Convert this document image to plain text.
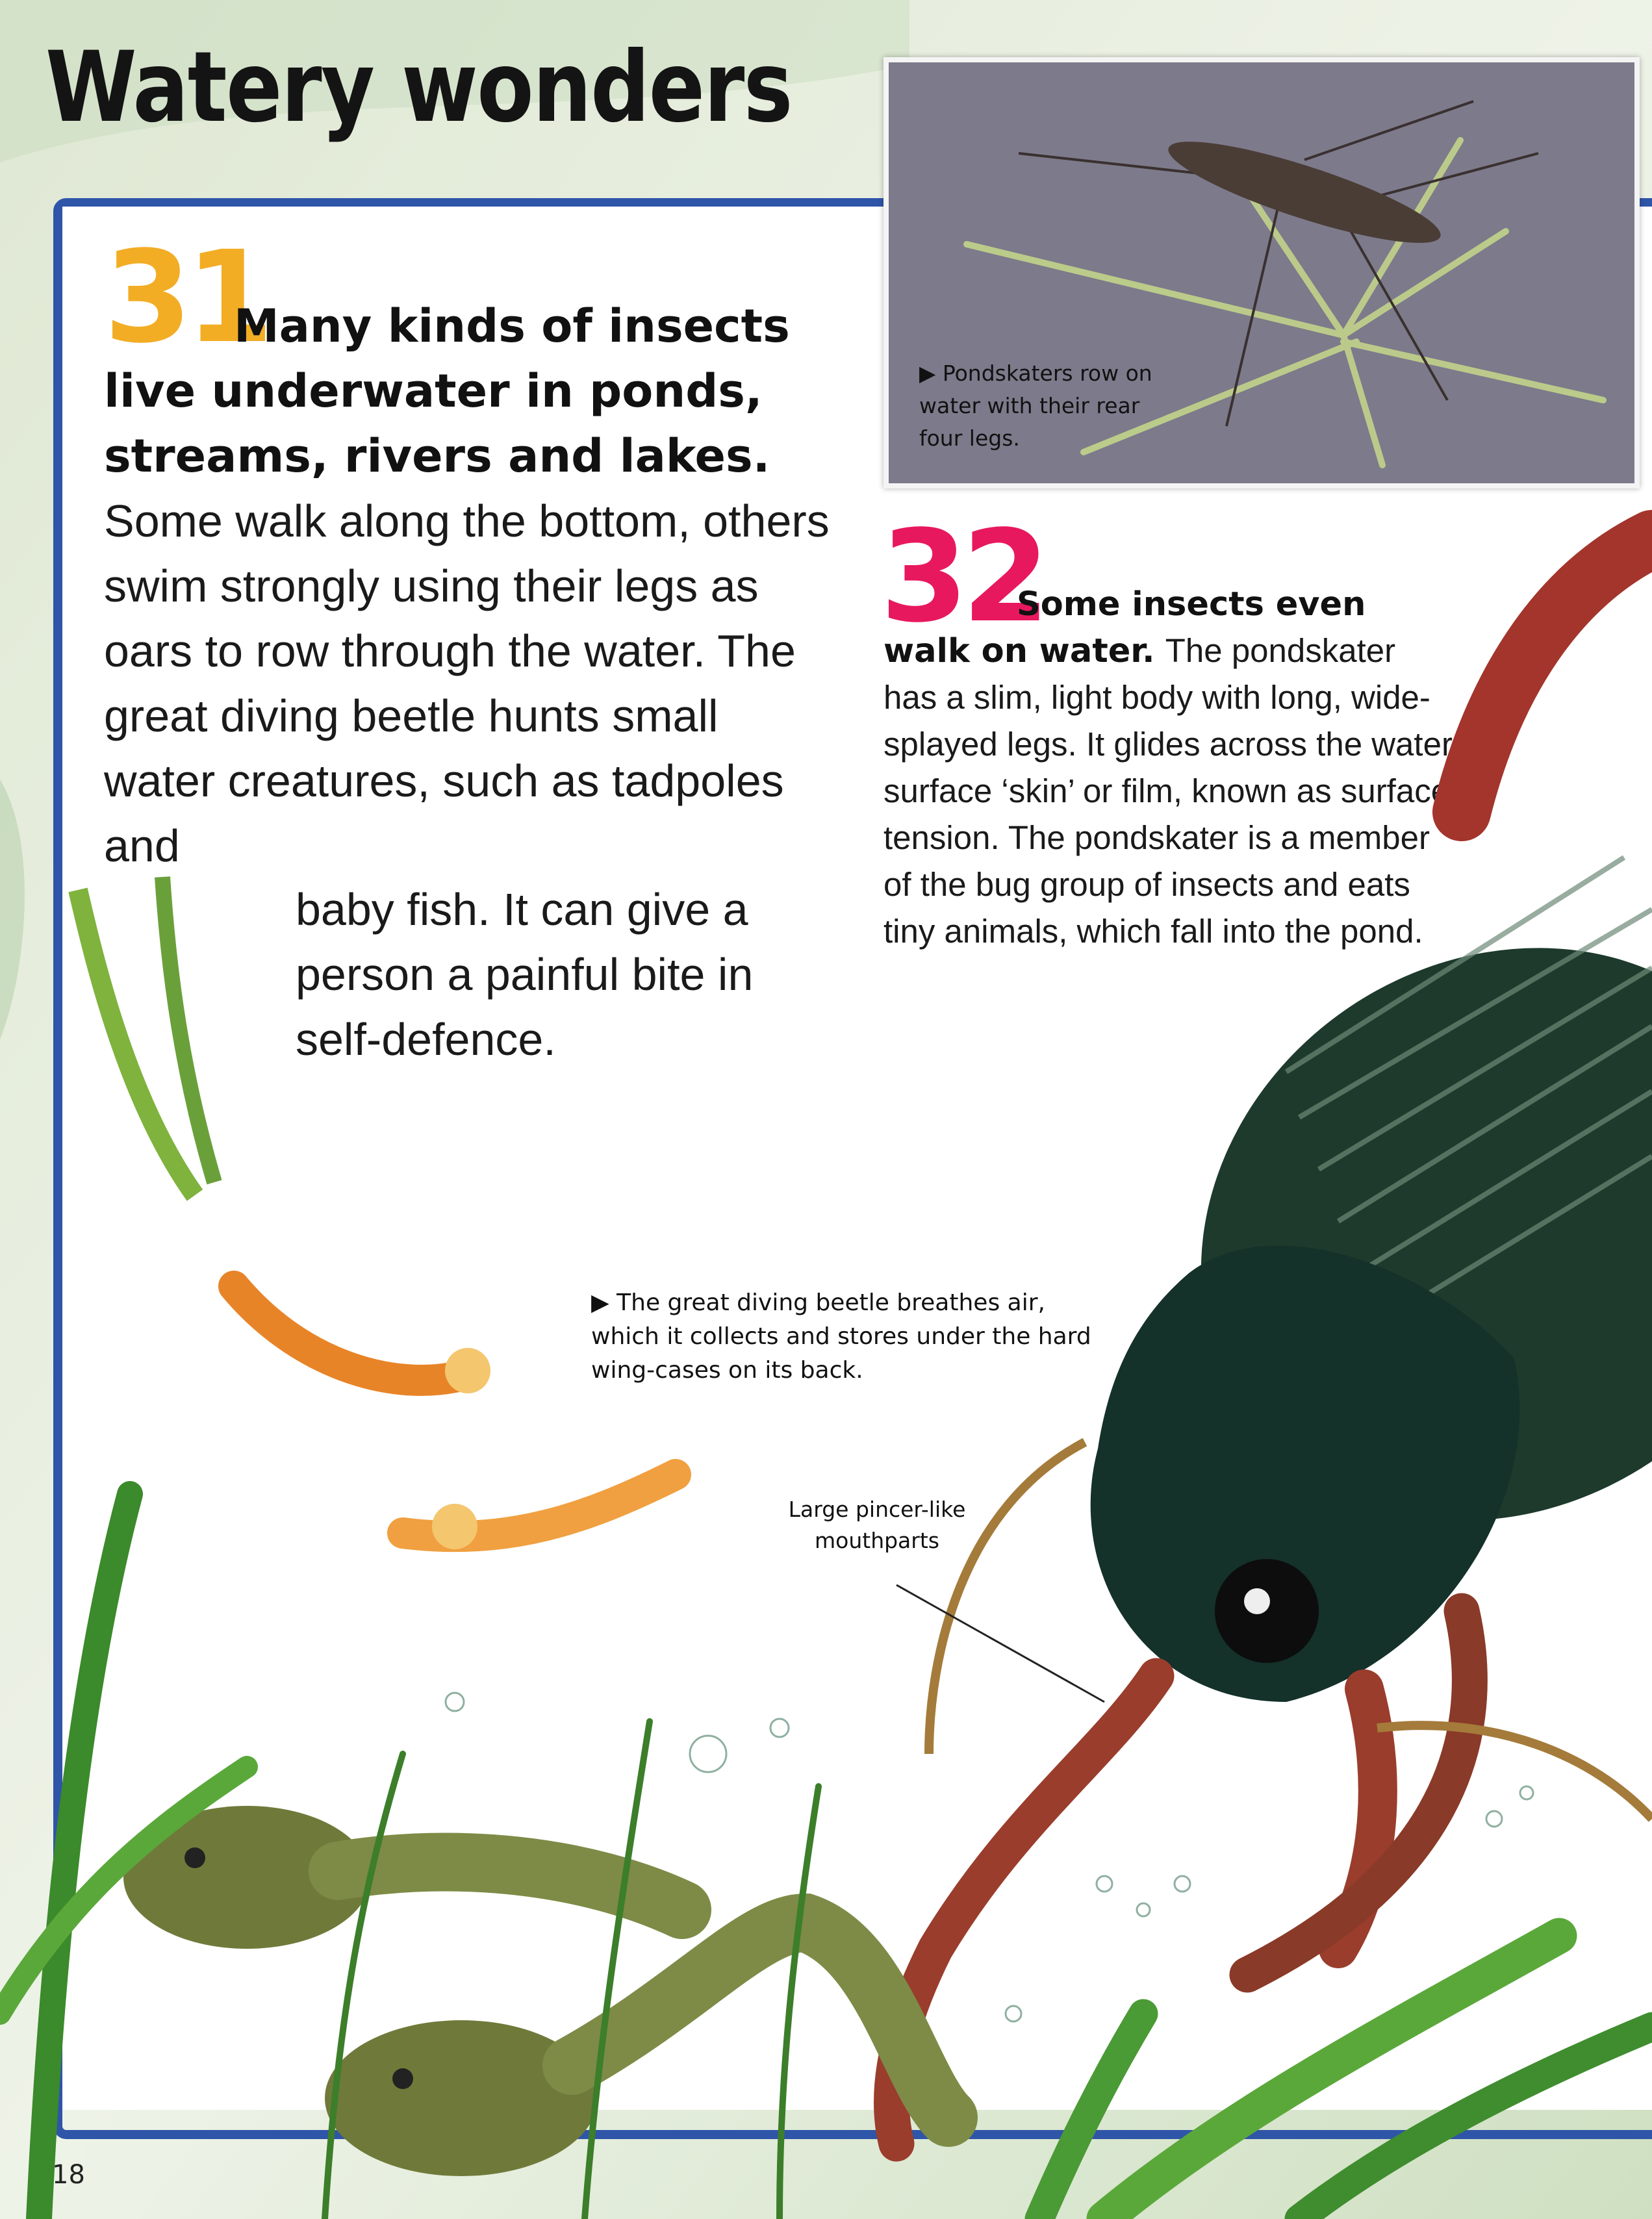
Watery wonders
▶ Pondskaters row on water with their rear four legs.
31
Many kinds of insects live underwater in ponds, streams, rivers and lakes. Some walk along the bottom, others swim strongly using their legs as oars to row through the water. The great diving beetle hunts small water creatures, such as tadpoles and
baby fish. It can give a person a painful bite in self-defence.
32
Some insects even walk on water. The pondskater has a slim, light body with long, wide-splayed legs. It glides across the water surface ‘skin’ or film, known as surface tension. The pondskater is a member of the bug group of insects and eats tiny animals, which fall into the pond.
▶ The great diving beetle breathes air, which it collects and stores under the hard wing-cases on its back.
Large pincer-like mouthparts
18
